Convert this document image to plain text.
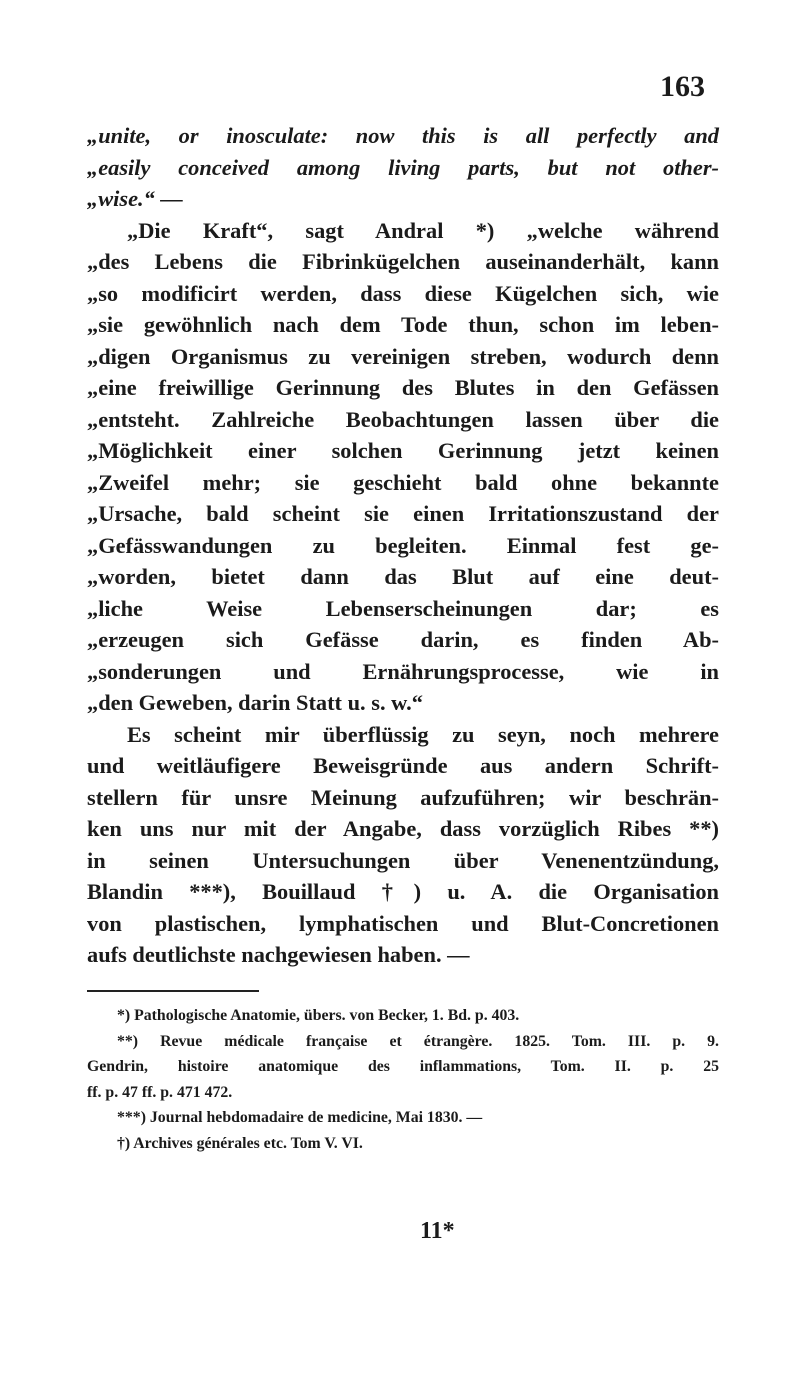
163
„unite, or inosculate: now this is all perfectly and
„easily conceived among living parts, but not other-
„wise.“ —
„Die Kraft“, sagt Andral *) „welche während
„des Lebens die Fibrinkügelchen auseinanderhält, kann
„so modificirt werden, dass diese Kügelchen sich, wie
„sie gewöhnlich nach dem Tode thun, schon im leben-
„digen Organismus zu vereinigen streben, wodurch denn
„eine freiwillige Gerinnung des Blutes in den Gefässen
„entsteht. Zahlreiche Beobachtungen lassen über die
„Möglichkeit einer solchen Gerinnung jetzt keinen
„Zweifel mehr; sie geschieht bald ohne bekannte
„Ursache, bald scheint sie einen Irritationszustand der
„Gefässwandungen zu begleiten. Einmal fest ge-
„worden, bietet dann das Blut auf eine deut-
„liche Weise Lebenserscheinungen dar; es
„erzeugen sich Gefässe darin, es finden Ab-
„sonderungen und Ernährungsprocesse, wie in
„den Geweben, darin Statt u. s. w.“
Es scheint mir überflüssig zu seyn, noch mehrere
und weitläufigere Beweisgründe aus andern Schrift-
stellern für unsre Meinung aufzuführen; wir beschrän-
ken uns nur mit der Angabe, dass vorzüglich Ribes **)
in seinen Untersuchungen über Venenentzündung,
Blandin ***), Bouillaud †) u. A. die Organisation
von plastischen, lymphatischen und Blut-Concretionen
aufs deutlichste nachgewiesen haben. —
*) Pathologische Anatomie, übers. von Becker, 1. Bd. p. 403.
**) Revue médicale française et étrangère. 1825. Tom. III. p. 9.
Gendrin, histoire anatomique des inflammations, Tom. II. p. 25
ff. p. 47 ff. p. 471 472.
***) Journal hebdomadaire de medicine, Mai 1830. —
†) Archives générales etc. Tom V. VI.
11*
